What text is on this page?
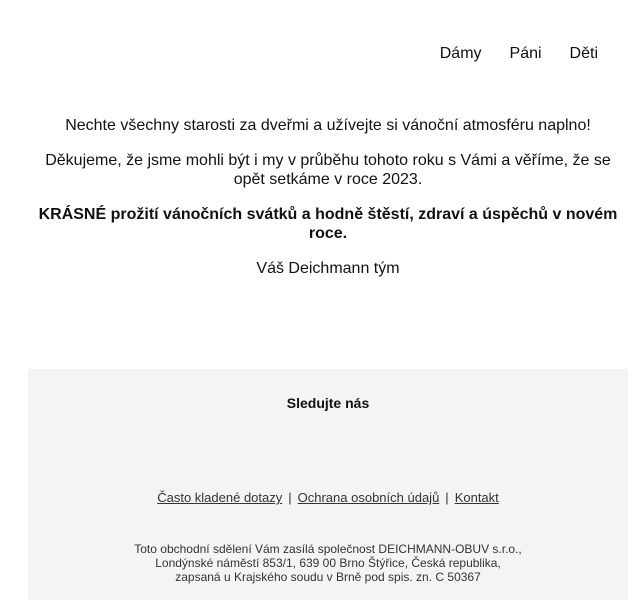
Dámy Páni Děti

Nechte všechny starosti za dveřmi a užívejte si vánoční atmosféru naplno!

Děkujeme, že jsme mohli být i my v průběhu tohoto roku s Vámi a věříme, že se opět setkáme v roce 2023.

KRÁSNÉ prožití vánočních svátků a hodně štěstí, zdraví a úspěchů v novém roce.

Váš Deichmann tým

Sledujte nás
Často kladené dotazy | Ochrana osobních údajů | Kontakt
Toto obchodní sdělení Vám zasílá společnost DEICHMANN-OBUV s.r.o.,
Londýnské náměstí 853/1, 639 00 Brno Štýřice, Česká republika,
zapsaná u Krajského soudu v Brně pod spis. zn. C 50367
